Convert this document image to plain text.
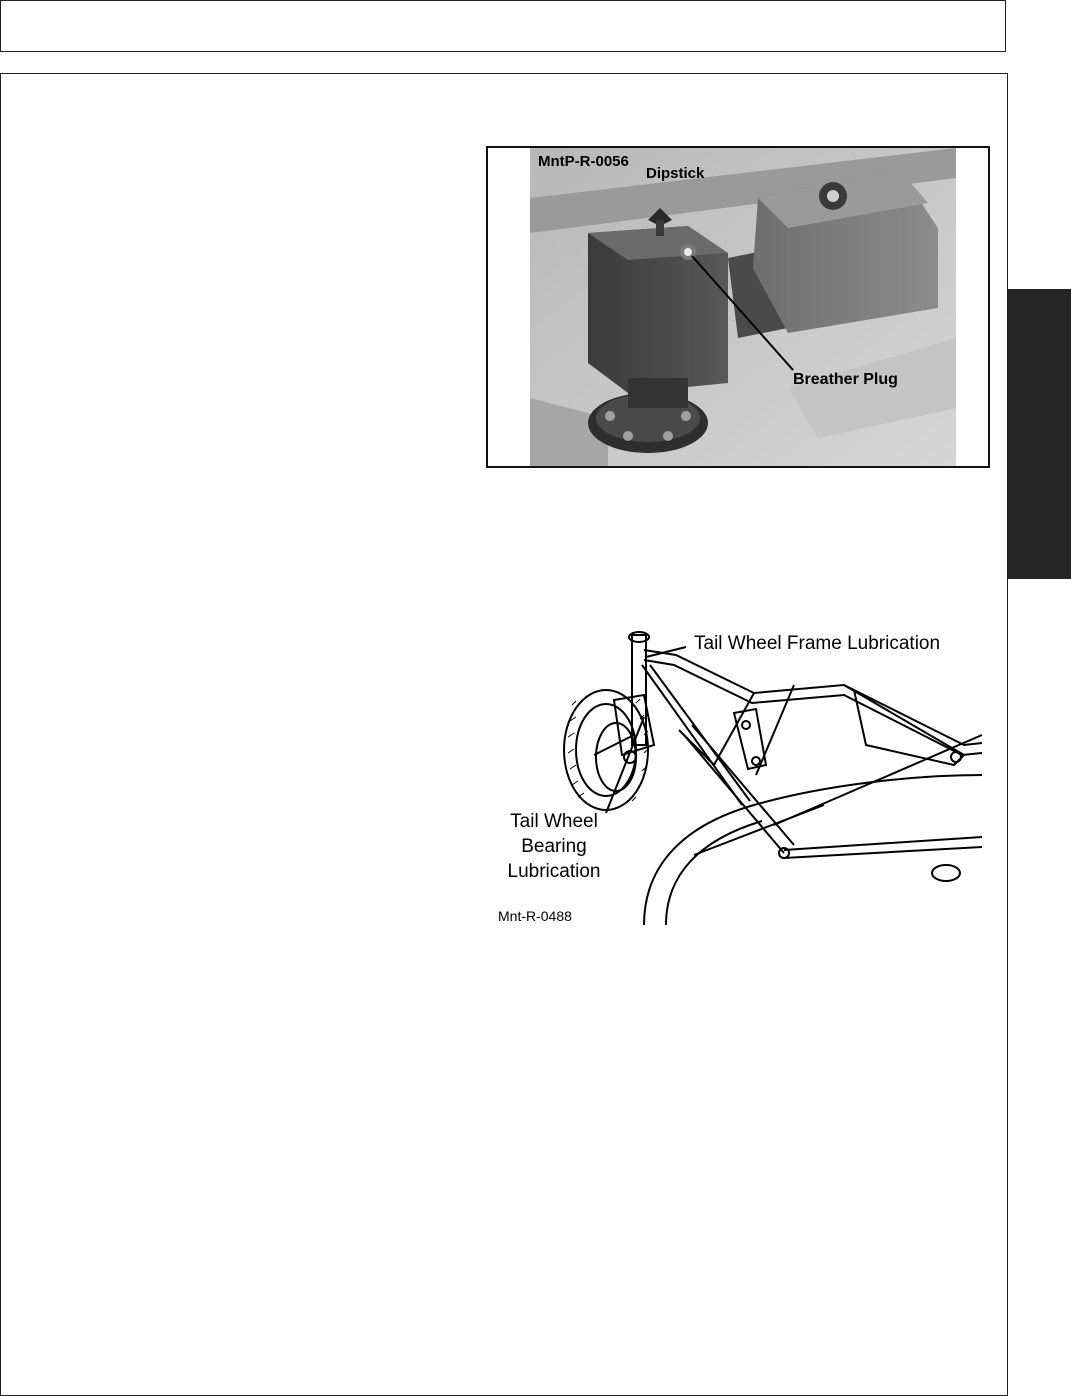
MntP-R-0056
Dipstick
Breather Plug
Tail Wheel Frame Lubrication
Tail Wheel
Bearing
Lubrication
Mnt-R-0488
